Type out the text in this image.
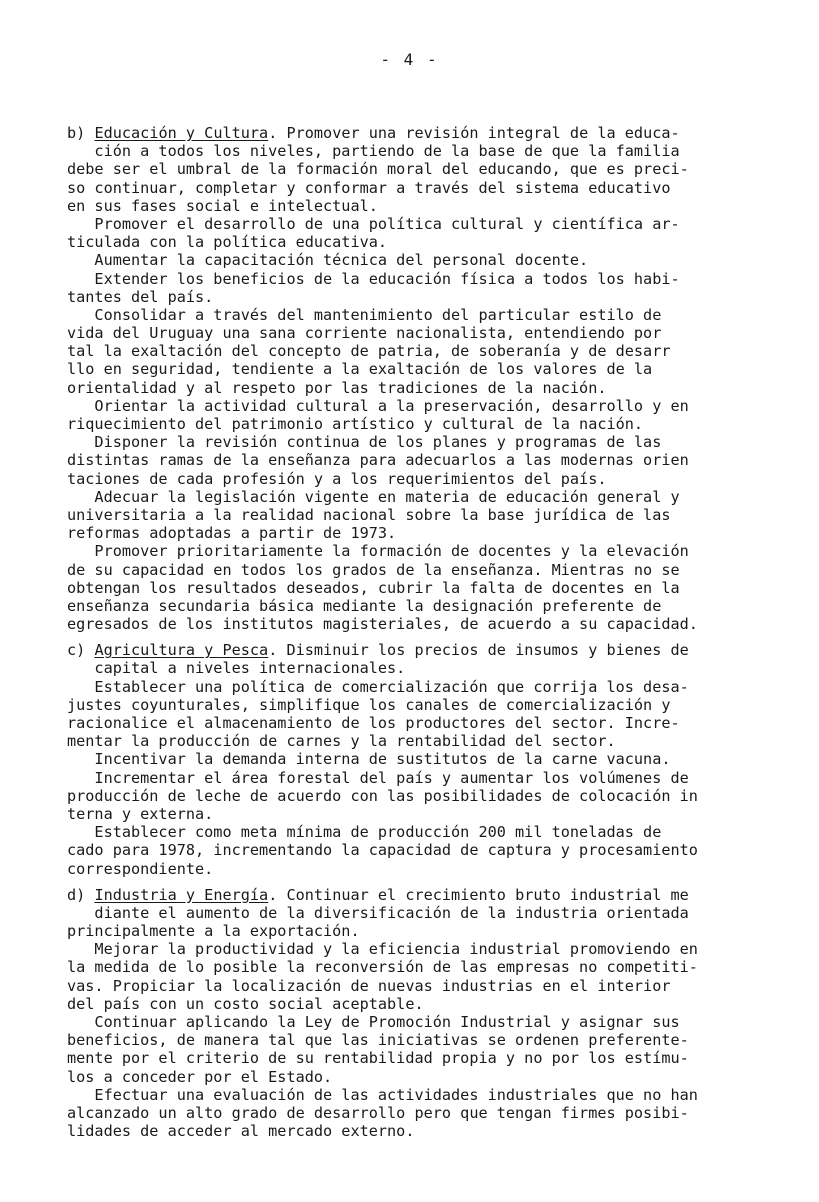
- 4 -
b) Educación y Cultura. Promover una revisión integral de la educa-
ción a todos los niveles, partiendo de la base de que la familia
debe ser el umbral de la formación moral del educando, que es preci-
so continuar, completar y conformar a través del sistema educativo
en sus fases social e intelectual.
Promover el desarrollo de una política cultural y científica ar-
ticulada con la política educativa.
Aumentar la capacitación técnica del personal docente.
Extender los beneficios de la educación física a todos los habi-
tantes del país.
Consolidar a través del mantenimiento del particular estilo de
vida del Uruguay una sana corriente nacionalista, entendiendo por
tal la exaltación del concepto de patria, de soberanía y de desarr
llo en seguridad, tendiente a la exaltación de los valores de la
orientalidad y al respeto por las tradiciones de la nación.
Orientar la actividad cultural a la preservación, desarrollo y en
riquecimiento del patrimonio artístico y cultural de la nación.
Disponer la revisión continua de los planes y programas de las
distintas ramas de la enseñanza para adecuarlos a las modernas orien
taciones de cada profesión y a los requerimientos del país.
Adecuar la legislación vigente en materia de educación general y
universitaria a la realidad nacional sobre la base jurídica de las
reformas adoptadas a partir de 1973.
Promover prioritariamente la formación de docentes y la elevación
de su capacidad en todos los grados de la enseñanza. Mientras no se
obtengan los resultados deseados, cubrir la falta de docentes en la
enseñanza secundaria básica mediante la designación preferente de
egresados de los institutos magisteriales, de acuerdo a su capacidad.
c) Agricultura y Pesca. Disminuir los precios de insumos y bienes de
capital a niveles internacionales.
Establecer una política de comercialización que corrija los desa-
justes coyunturales, simplifique los canales de comercialización y
racionalice el almacenamiento de los productores del sector. Incre-
mentar la producción de carnes y la rentabilidad del sector.
Incentivar la demanda interna de sustitutos de la carne vacuna.
Incrementar el área forestal del país y aumentar los volúmenes de
producción de leche de acuerdo con las posibilidades de colocación in
terna y externa.
Establecer como meta mínima de producción 200 mil toneladas de
cado para 1978, incrementando la capacidad de captura y procesamiento
correspondiente.
d) Industria y Energía. Continuar el crecimiento bruto industrial me
diante el aumento de la diversificación de la industria orientada
principalmente a la exportación.
Mejorar la productividad y la eficiencia industrial promoviendo en
la medida de lo posible la reconversión de las empresas no competiti-
vas. Propiciar la localización de nuevas industrias en el interior
del país con un costo social aceptable.
Continuar aplicando la Ley de Promoción Industrial y asignar sus
beneficios, de manera tal que las iniciativas se ordenen preferente-
mente por el criterio de su rentabilidad propia y no por los estímu-
los a conceder por el Estado.
Efectuar una evaluación de las actividades industriales que no han
alcanzado un alto grado de desarrollo pero que tengan firmes posibi-
lidades de acceder al mercado externo.
